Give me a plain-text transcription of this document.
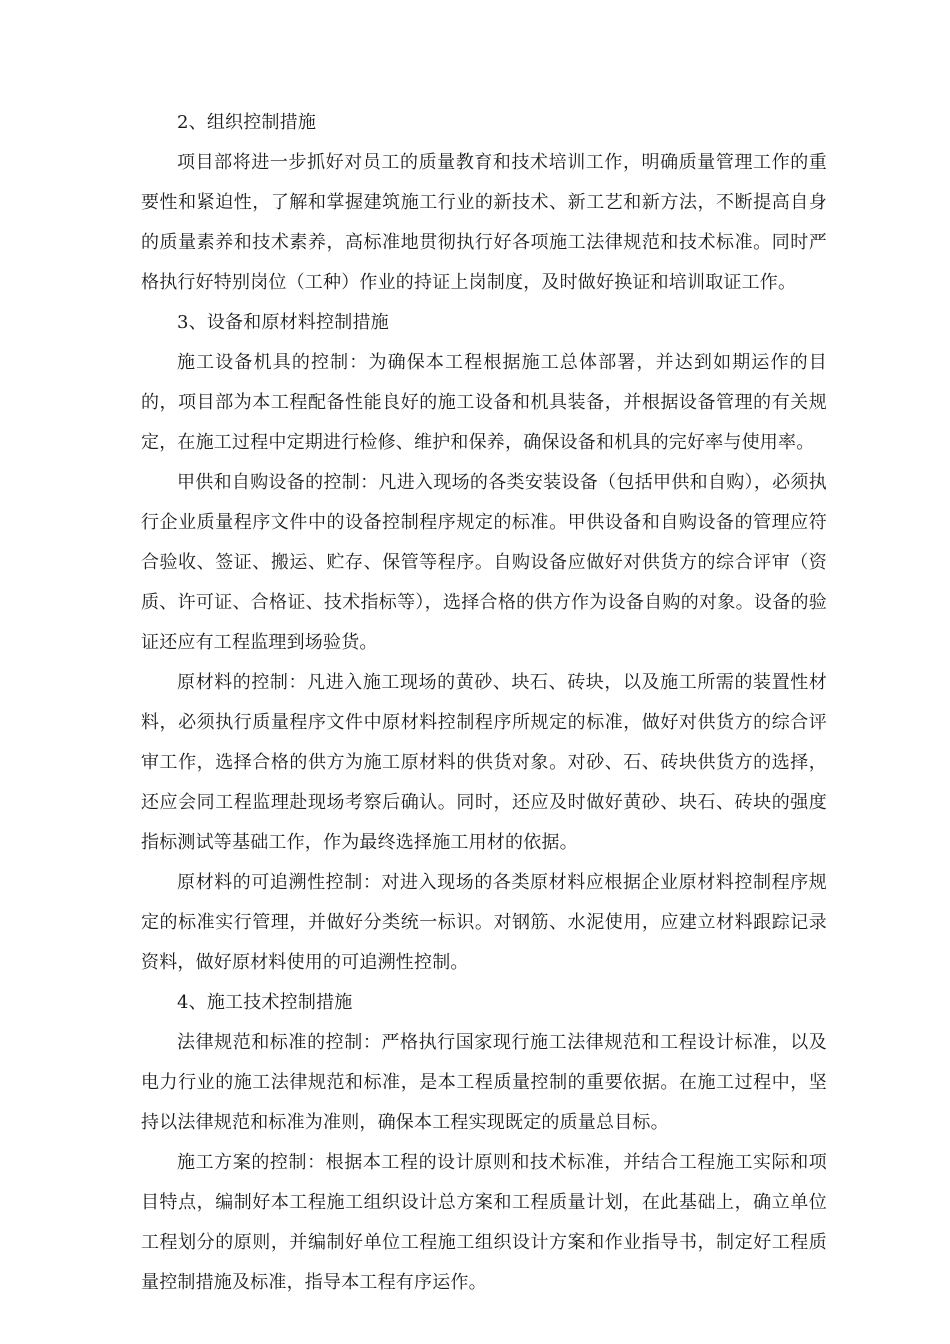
2、组织控制措施

项目部将进一步抓好对员工的质量教育和技术培训工作，明确质量管理工作的重要性和紧迫性，了解和掌握建筑施工行业的新技术、新工艺和新方法，不断提高自身的质量素养和技术素养，高标准地贯彻执行好各项施工法律规范和技术标准。同时严格执行好特别岗位（工种）作业的持证上岗制度，及时做好换证和培训取证工作。

3、设备和原材料控制措施

施工设备机具的控制：为确保本工程根据施工总体部署，并达到如期运作的目的，项目部为本工程配备性能良好的施工设备和机具装备，并根据设备管理的有关规定，在施工过程中定期进行检修、维护和保养，确保设备和机具的完好率与使用率。

甲供和自购设备的控制：凡进入现场的各类安装设备（包括甲供和自购），必须执行企业质量程序文件中的设备控制程序规定的标准。甲供设备和自购设备的管理应符合验收、签证、搬运、贮存、保管等程序。自购设备应做好对供货方的综合评审（资质、许可证、合格证、技术指标等），选择合格的供方作为设备自购的对象。设备的验证还应有工程监理到场验货。

原材料的控制：凡进入施工现场的黄砂、块石、砖块，以及施工所需的装置性材料，必须执行质量程序文件中原材料控制程序所规定的标准，做好对供货方的综合评审工作，选择合格的供方为施工原材料的供货对象。对砂、石、砖块供货方的选择，还应会同工程监理赴现场考察后确认。同时，还应及时做好黄砂、块石、砖块的强度指标测试等基础工作，作为最终选择施工用材的依据。

原材料的可追溯性控制：对进入现场的各类原材料应根据企业原材料控制程序规定的标准实行管理，并做好分类统一标识。对钢筋、水泥使用，应建立材料跟踪记录资料，做好原材料使用的可追溯性控制。

4、施工技术控制措施

法律规范和标准的控制：严格执行国家现行施工法律规范和工程设计标准，以及电力行业的施工法律规范和标准，是本工程质量控制的重要依据。在施工过程中，坚持以法律规范和标准为准则，确保本工程实现既定的质量总目标。

施工方案的控制：根据本工程的设计原则和技术标准，并结合工程施工实际和项目特点，编制好本工程施工组织设计总方案和工程质量计划，在此基础上，确立单位工程划分的原则，并编制好单位工程施工组织设计方案和作业指导书，制定好工程质量控制措施及标准，指导本工程有序运作。
